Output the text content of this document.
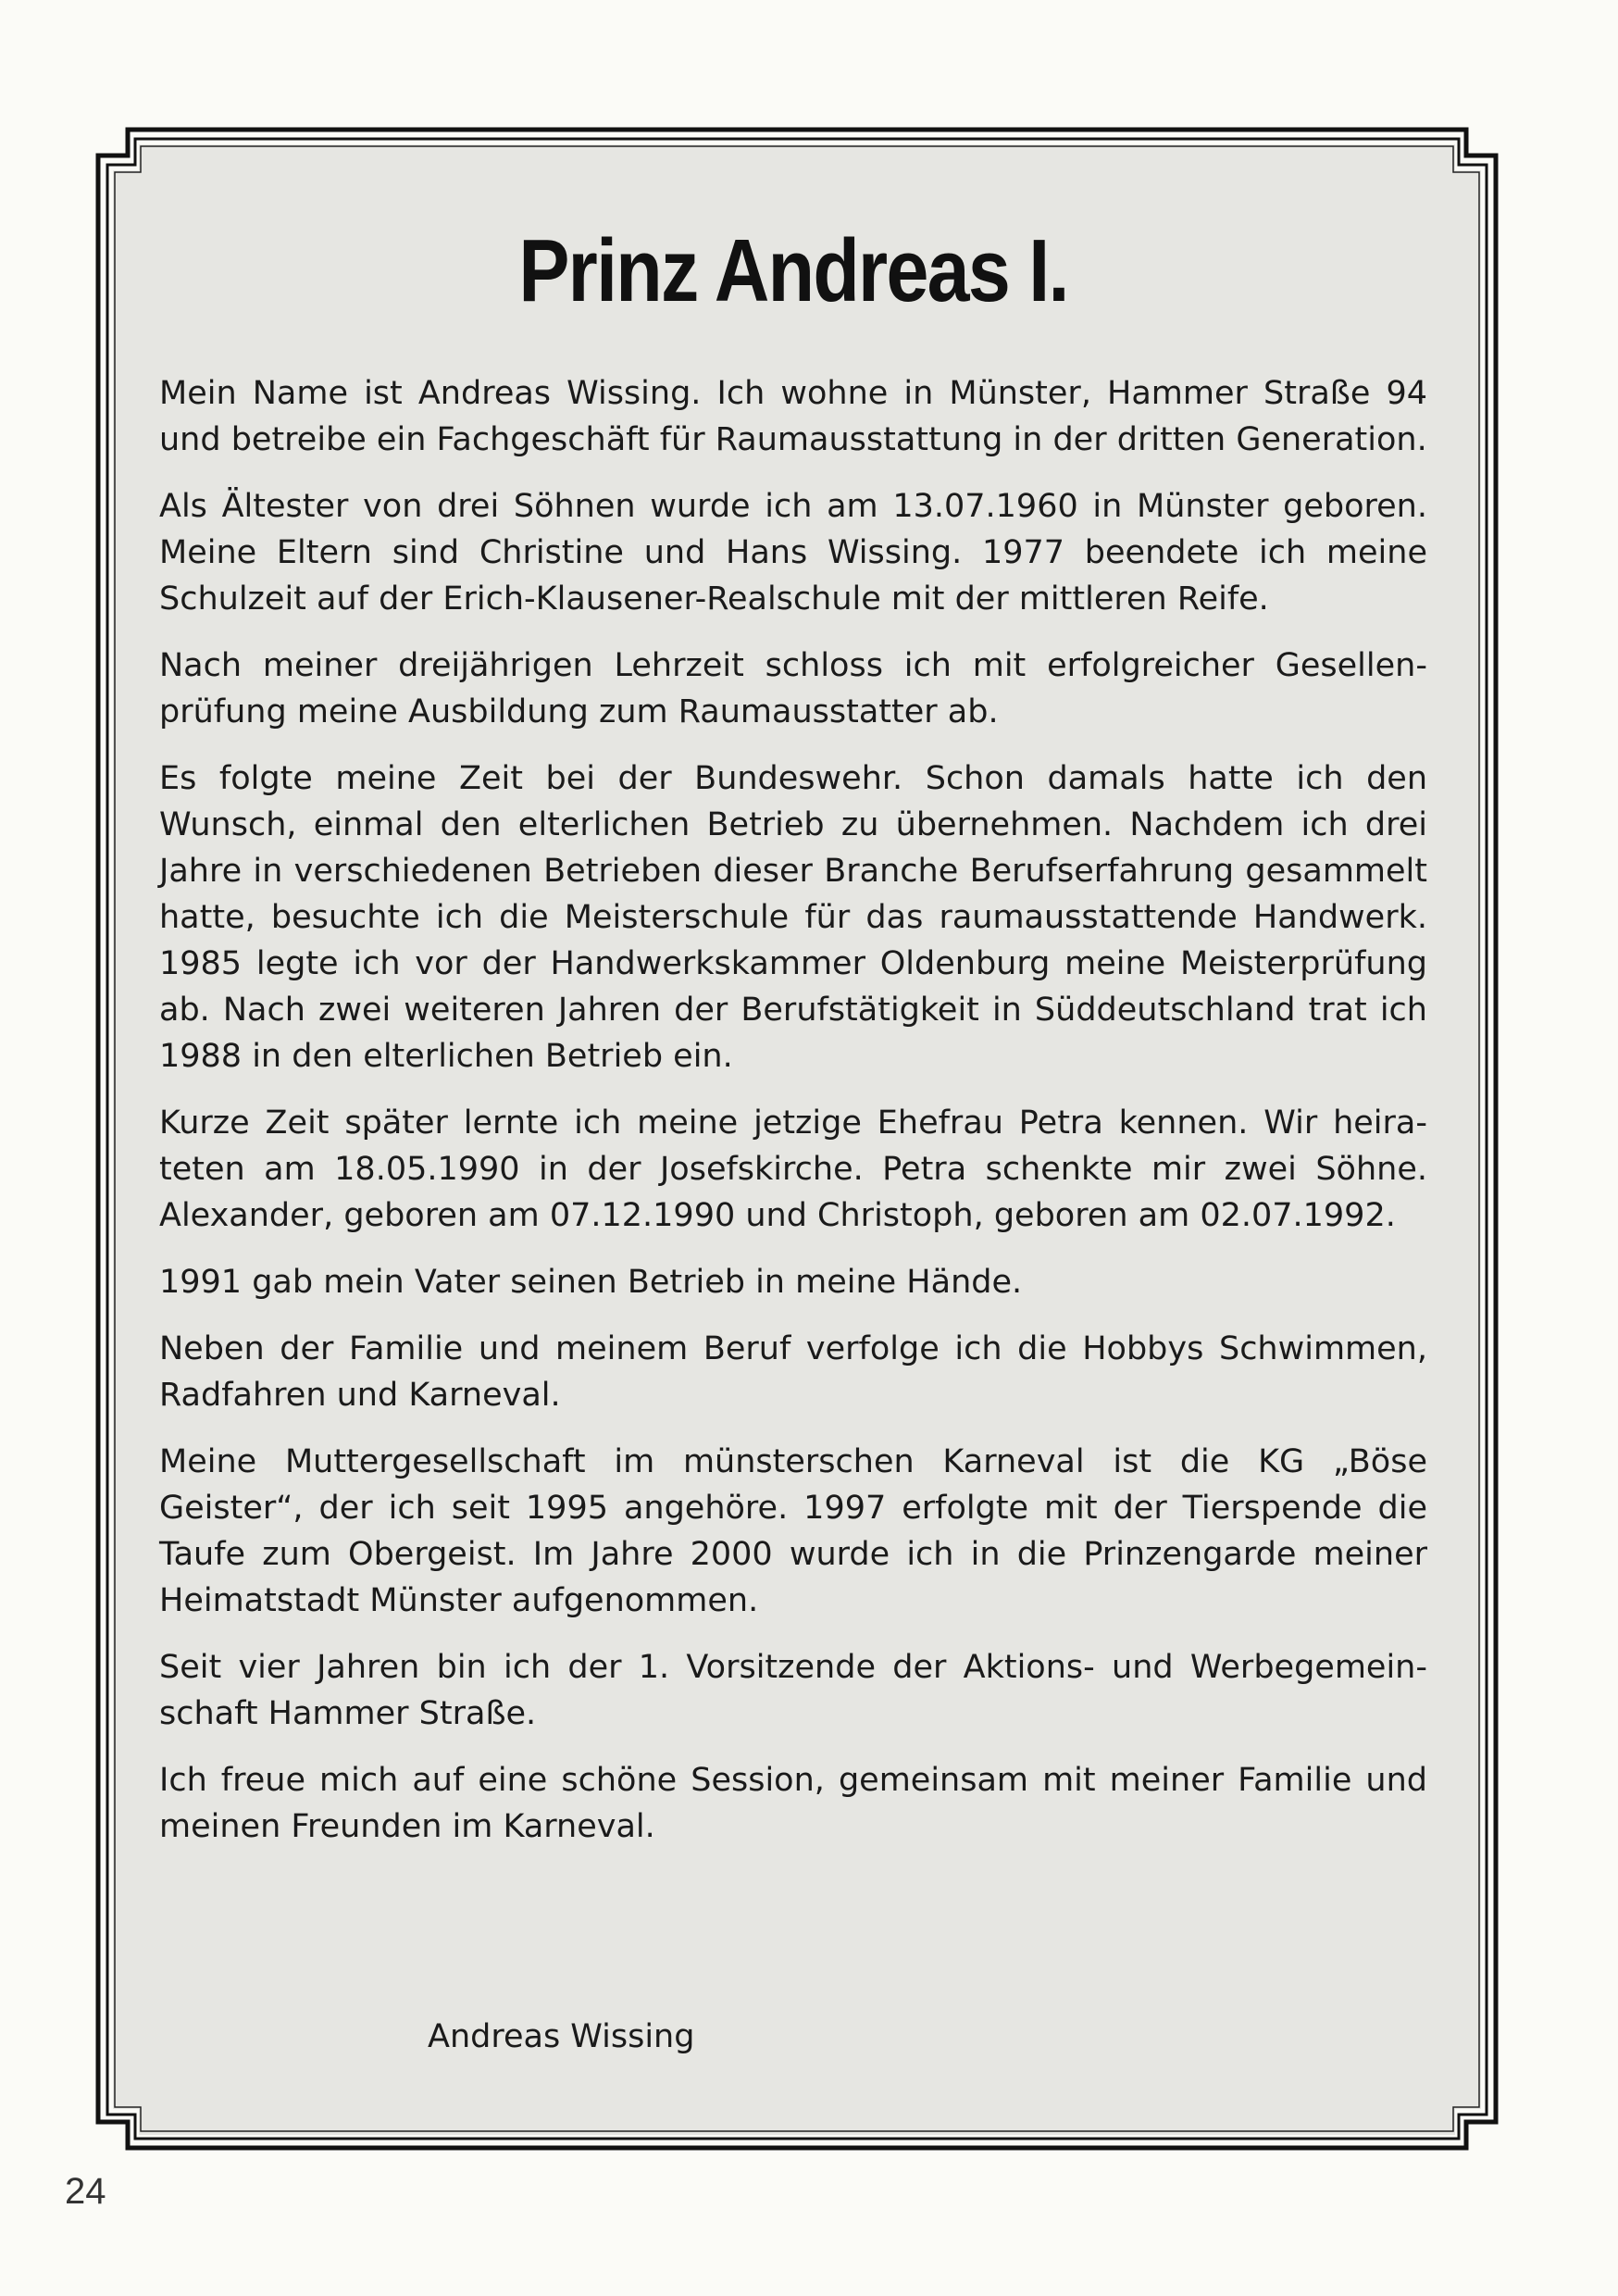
Prinz Andreas I.

Mein Name ist Andreas Wissing. Ich wohne in Münster, Hammer Straße 94 und betreibe ein Fachgeschäft für Raumausstattung in der dritten Generation.

Als Ältester von drei Söhnen wurde ich am 13.07.1960 in Münster geboren. Meine Eltern sind Christine und Hans Wissing. 1977 beendete ich meine Schulzeit auf der Erich-Klausener-Realschule mit der mittleren Reife.

Nach meiner dreijährigen Lehrzeit schloss ich mit erfolgreicher Gesellenprüfung meine Ausbildung zum Raumausstatter ab.

Es folgte meine Zeit bei der Bundeswehr. Schon damals hatte ich den Wunsch, einmal den elterlichen Betrieb zu übernehmen. Nachdem ich drei Jahre in verschiedenen Betrieben dieser Branche Berufserfahrung gesammelt hatte, besuchte ich die Meisterschule für das raumausstattende Handwerk. 1985 legte ich vor der Handwerkskammer Oldenburg meine Meisterprüfung ab. Nach zwei weiteren Jahren der Berufstätigkeit in Süddeutschland trat ich 1988 in den elterlichen Betrieb ein.

Kurze Zeit später lernte ich meine jetzige Ehefrau Petra kennen. Wir heirateten am 18.05.1990 in der Josefskirche. Petra schenkte mir zwei Söhne. Alexander, geboren am 07.12.1990 und Christoph, geboren am 02.07.1992.

1991 gab mein Vater seinen Betrieb in meine Hände.

Neben der Familie und meinem Beruf verfolge ich die Hobbys Schwimmen, Radfahren und Karneval.

Meine Muttergesellschaft im münsterschen Karneval ist die KG „Böse Geister“, der ich seit 1995 angehöre. 1997 erfolgte mit der Tierspende die Taufe zum Obergeist. Im Jahre 2000 wurde ich in die Prinzengarde meiner Heimatstadt Münster aufgenommen.

Seit vier Jahren bin ich der 1. Vorsitzende der Aktions- und Werbegemeinschaft Hammer Straße.

Ich freue mich auf eine schöne Session, gemeinsam mit meiner Familie und meinen Freunden im Karneval.

Andreas Wissing
24
